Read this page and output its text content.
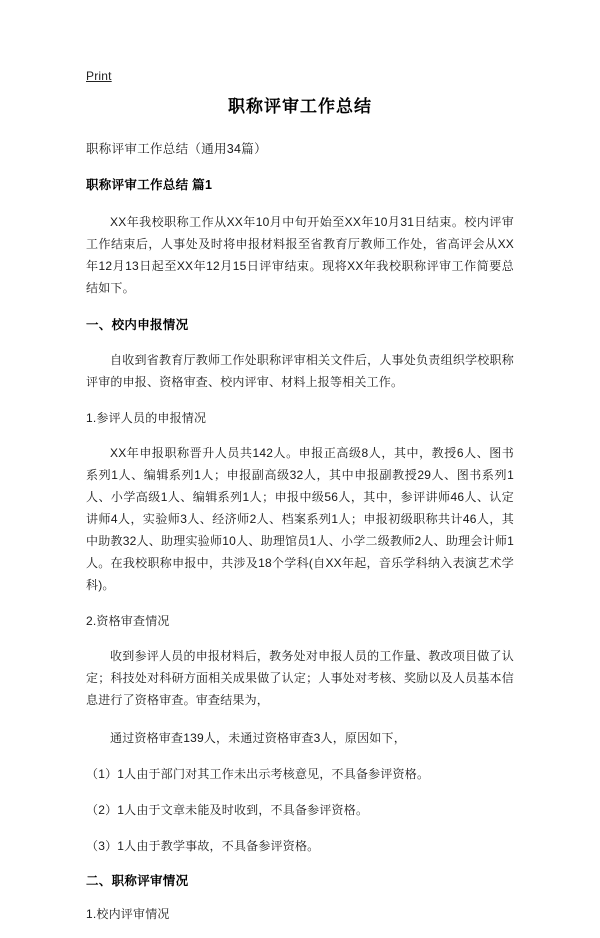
Print
职称评审工作总结

职称评审工作总结（通用34篇）

职称评审工作总结 篇1

XX年我校职称工作从XX年10月中旬开始至XX年10月31日结束。校内评审工作结束后，人事处及时将申报材料报至省教育厅教师工作处，省高评会从XX年12月13日起至XX年12月15日评审结束。现将XX年我校职称评审工作简要总结如下。

一、校内申报情况

自收到省教育厅教师工作处职称评审相关文件后，人事处负责组织学校职称评审的申报、资格审查、校内评审、材料上报等相关工作。

1.参评人员的申报情况

XX年申报职称晋升人员共142人。申报正高级8人，其中，教授6人、图书系列1人、编辑系列1人；申报副高级32人，其中申报副教授29人、图书系列1人、小学高级1人、编辑系列1人；申报中级56人，其中，参评讲师46人、认定讲师4人，实验师3人、经济师2人、档案系列1人；申报初级职称共计46人，其中助教32人、助理实验师10人、助理馆员1人、小学二级教师2人、助理会计师1人。在我校职称申报中，共涉及18个学科(自XX年起，音乐学科纳入表演艺术学科)。

2.资格审查情况

收到参评人员的申报材料后，教务处对申报人员的工作量、教改项目做了认定；科技处对科研方面相关成果做了认定；人事处对考核、奖励以及人员基本信息进行了资格审查。审查结果为，

通过资格审查139人，未通过资格审查3人，原因如下，

（1）1人由于部门对其工作未出示考核意见，不具备参评资格。

（2）1人由于文章未能及时收到，不具备参评资格。

（3）1人由于教学事故，不具备参评资格。

二、职称评审情况

1.校内评审情况
